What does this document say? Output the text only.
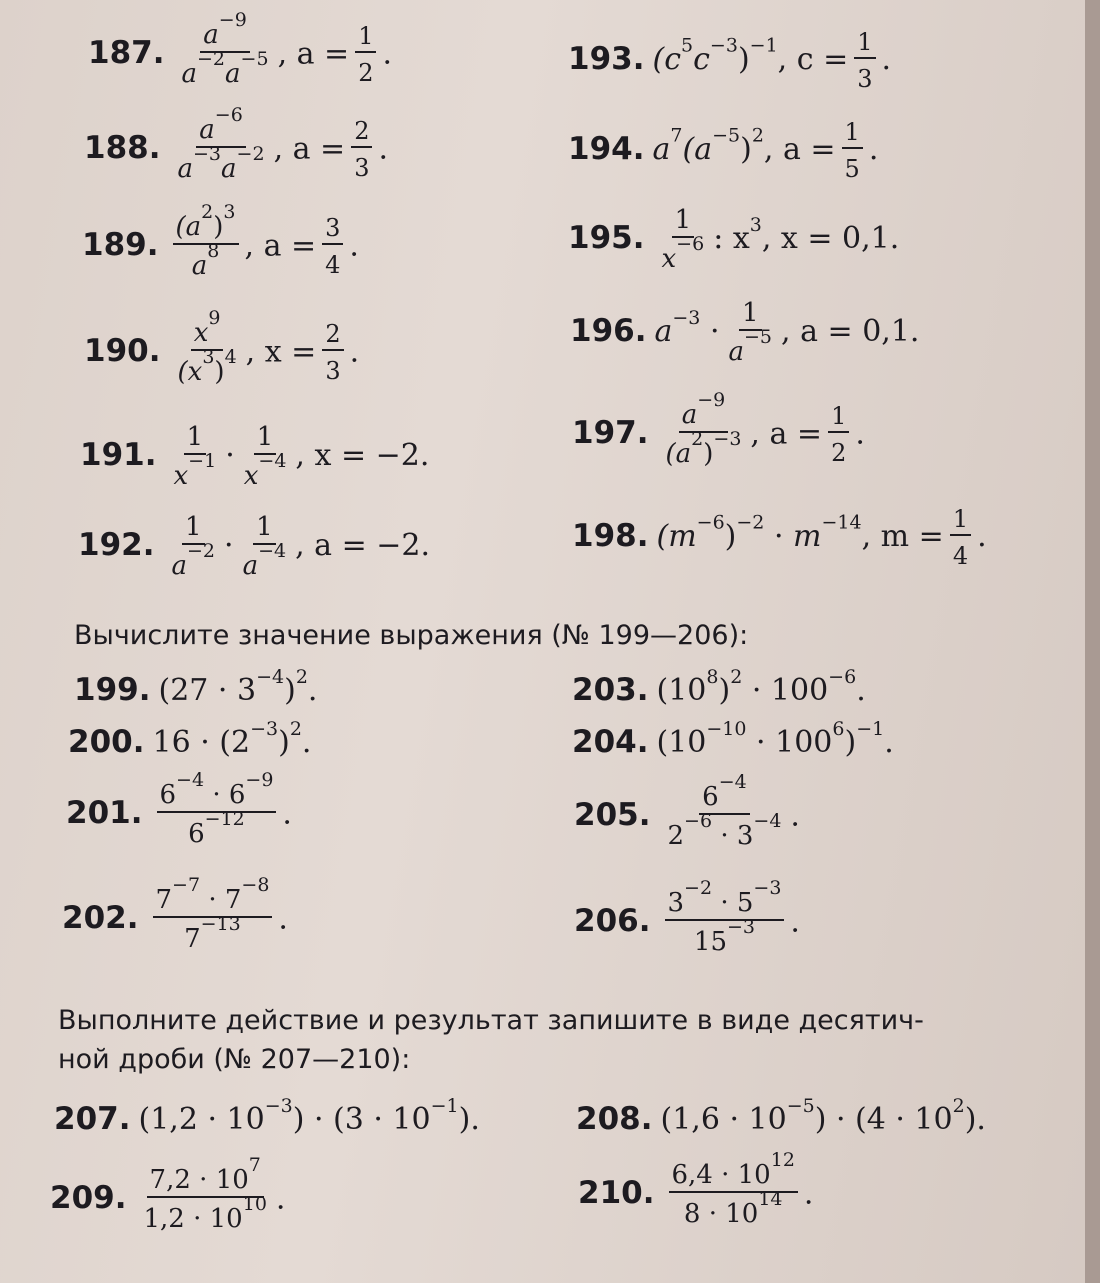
187. $\frac{a^{-9}}{a^{-2}a^{-5}}$ , $a = \frac{1}{2}$ .
188. $\frac{a^{-6}}{a^{-3}a^{-2}}$ , $a = \frac{2}{3}$ .
189. $\frac{(a^2)^3}{a^8}$ , $a = \frac{3}{4}$ .
190. $\frac{x^9}{(x^3)^4}$ , $x = \frac{2}{3}$ .
191. $\frac{1}{x^{-1}} \cdot \frac{1}{x^{-4}}$ , x = −2.
192. $\frac{1}{a^{-2}} \cdot \frac{1}{a^{-4}}$ , a = −2.
193. $(c^5c^{-3})^{-1}$, $c = \frac{1}{3}$ .
194. $a^7(a^{-5})^2$, $a = \frac{1}{5}$ .
195. $\frac{1}{x^{-6}}$ : $x^3$, x = 0,1.
196. $a^{-3} \cdot \frac{1}{a^{-5}}$ , a = 0,1.
197. $\frac{a^{-9}}{(a^2)^{-3}}$ , $a = \frac{1}{2}$ .
198. $(m^{-6})^{-2} \cdot m^{-14}$, $m = \frac{1}{4}$ .
Вычислите значение выражения (№ 199—206):
199. $(27 \cdot 3^{-4})^2$.
200. $16 \cdot (2^{-3})^2$.
201. $\frac{6^{-4} \cdot 6^{-9}}{6^{-12}}$ .
202. $\frac{7^{-7} \cdot 7^{-8}}{7^{-13}}$ .
203. $(10^8)^2 \cdot 100^{-6}$.
204. $(10^{-10} \cdot 100^6)^{-1}$.
205. $\frac{6^{-4}}{2^{-6} \cdot 3^{-4}}$ .
206. $\frac{3^{-2} \cdot 5^{-3}}{15^{-3}}$ .
Выполните действие и результат запишите в виде десятич-
ной дроби (№ 207—210):
207. $(1,2 \cdot 10^{-3}) \cdot (3 \cdot 10^{-1})$.	208. $(1,6 \cdot 10^{-5}) \cdot (4 \cdot 10^2)$.
209. $\frac{7,2 \cdot 10^7}{1,2 \cdot 10^{10}}$ .	210. $\frac{6,4 \cdot 10^{12}}{8 \cdot 10^{14}}$ .
